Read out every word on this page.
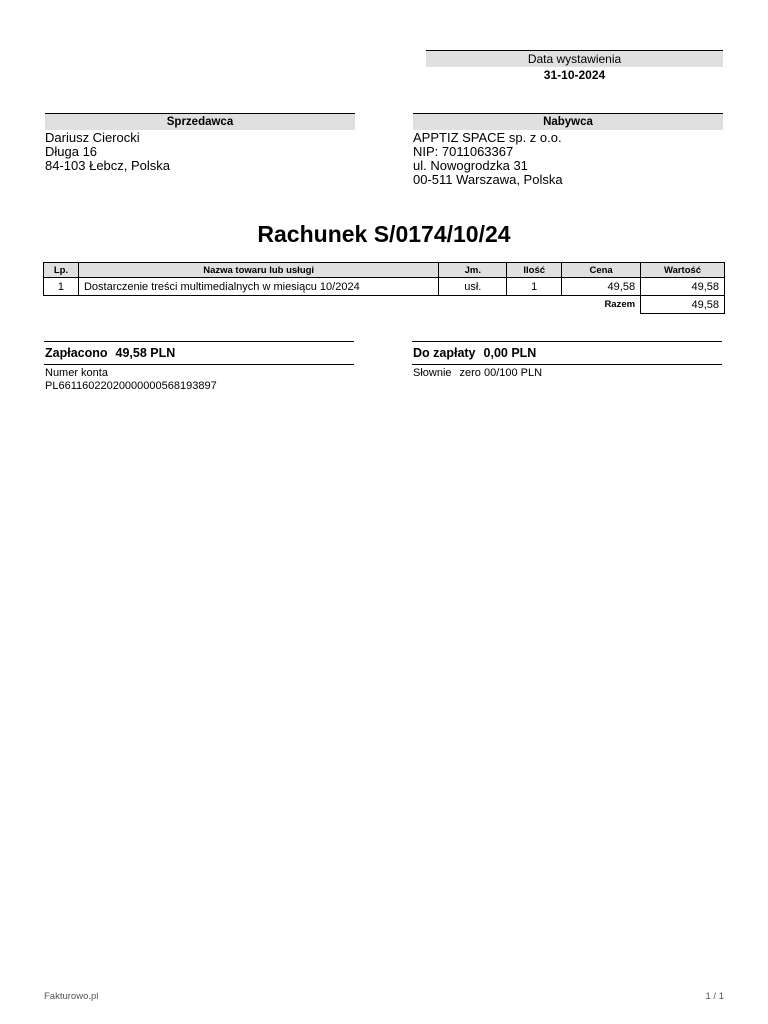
Data wystawienia
31-10-2024
Sprzedawca
Dariusz Cierocki
Długa 16
84-103 Łebcz, Polska
Nabywca
APPTIZ SPACE sp. z o.o.
NIP: 7011063367
ul. Nowogrodzka 31
00-511 Warszawa, Polska
Rachunek S/0174/10/24
Lp.	Nazwa towaru lub usługi	Jm.	Ilość	Cena	Wartość
1	Dostarczenie treści multimedialnych w miesiącu 10/2024	usł.	1	49,58	49,58
				Razem	49,58
Zapłacono 49,58 PLN
Numer konta
PL66116022020000000568193897
Do zapłaty 0,00 PLN
Słownie zero 00/100 PLN
Fakturowo.pl	1 / 1
